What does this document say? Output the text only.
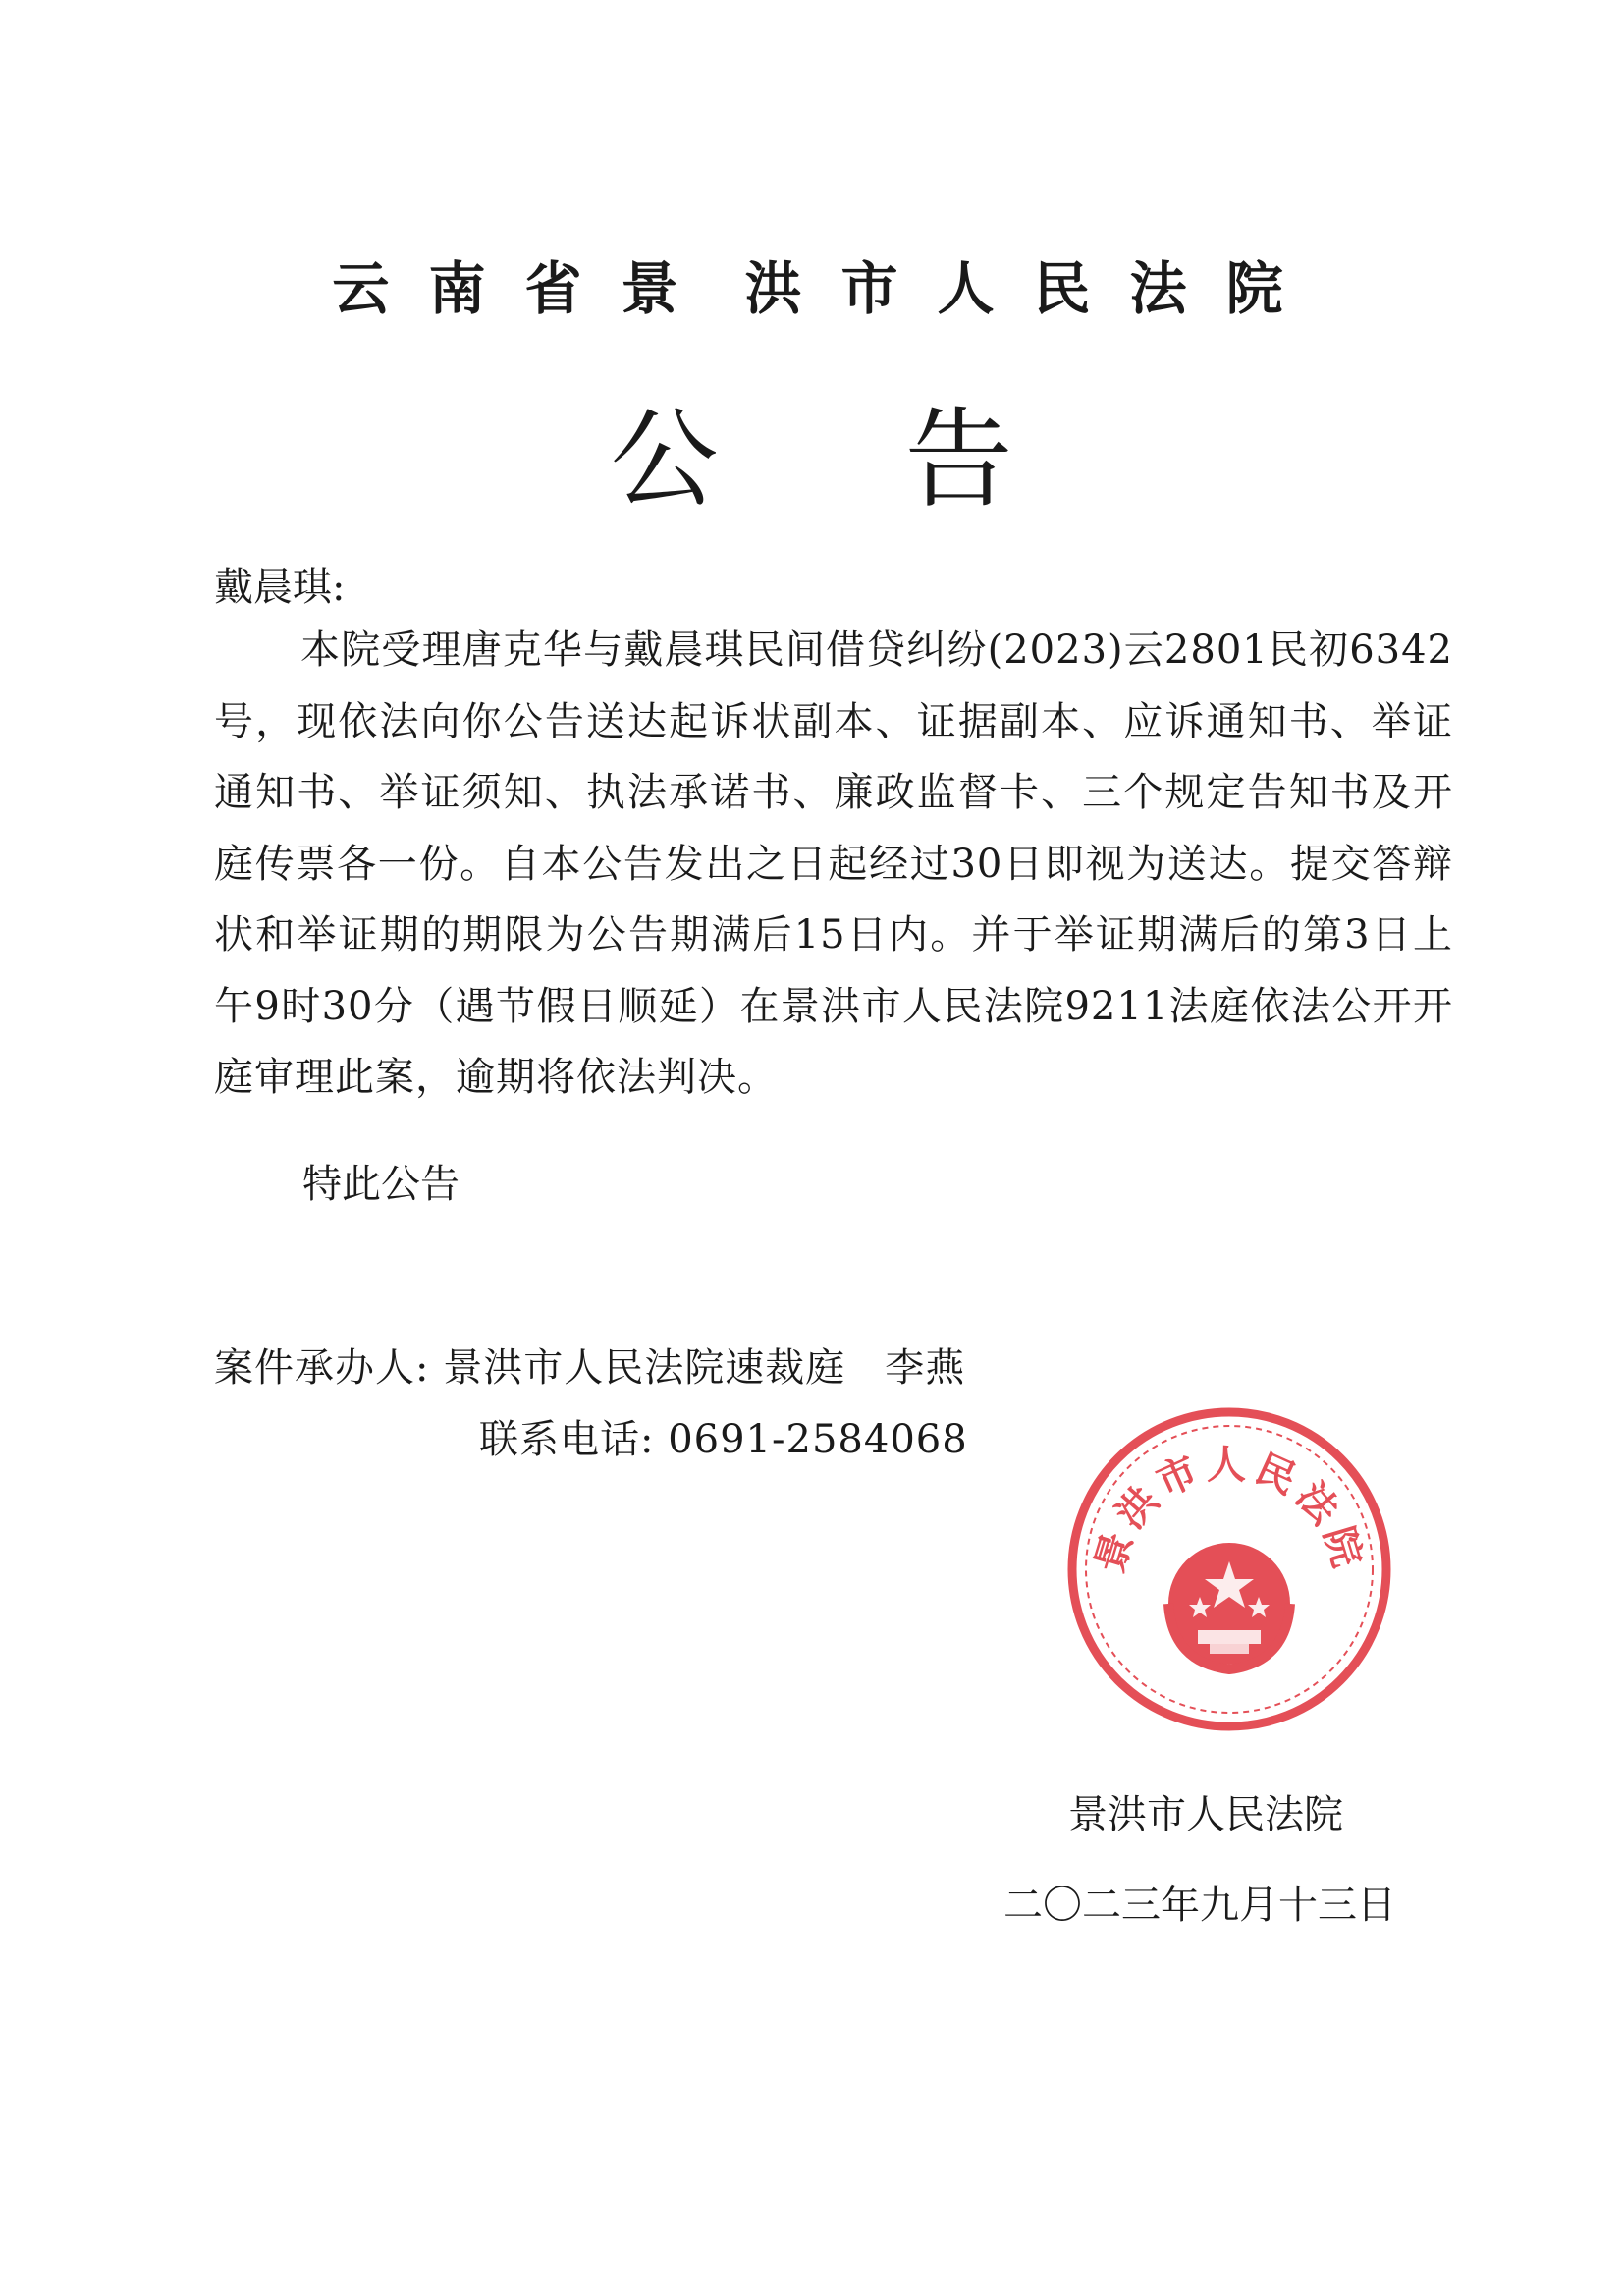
云 南 省 景 洪 市 人 民 法 院
公 告
戴晨琪:
本院受理唐克华与戴晨琪民间借贷纠纷(2023)云2801民初6342号，现依法向你公告送达起诉状副本、证据副本、应诉通知书、举证通知书、举证须知、执法承诺书、廉政监督卡、三个规定告知书及开庭传票各一份。自本公告发出之日起经过30日即视为送达。提交答辩状和举证期的期限为公告期满后15日内。并于举证期满后的第3日上午9时30分（遇节假日顺延）在景洪市人民法院9211法庭依法公开开庭审理此案，逾期将依法判决。
特此公告
案件承办人: 景洪市人民法院速裁庭 李燕
联系电话: 0691-2584068
景洪市人民法院
景洪市人民法院
二〇二三年九月十三日
